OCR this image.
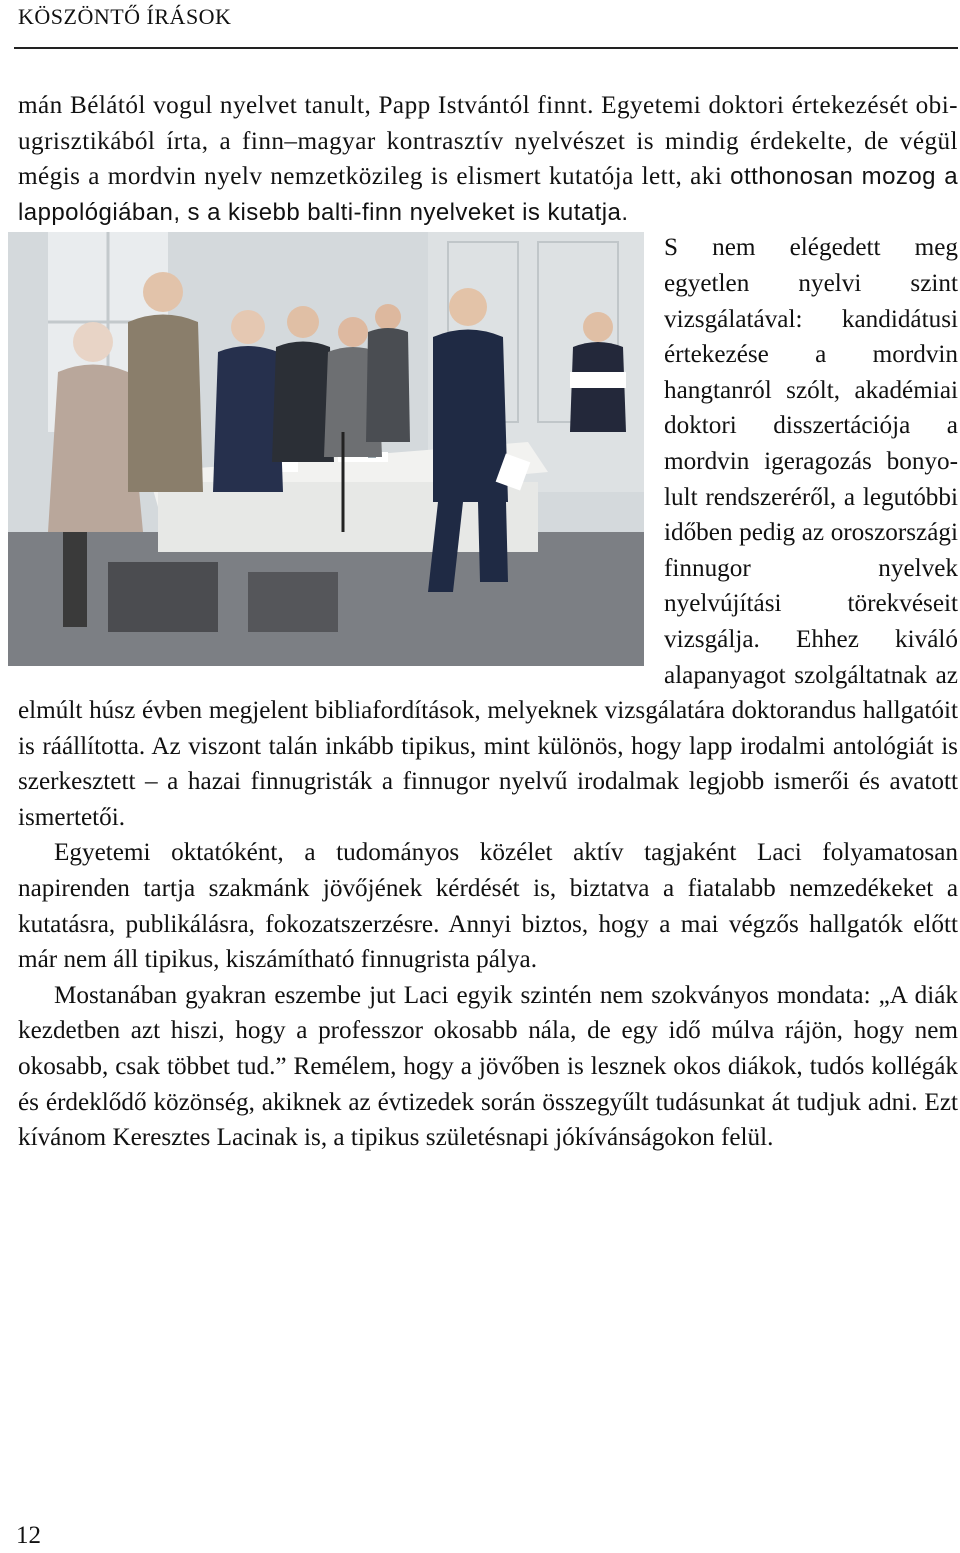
KÖSZÖNTŐ ÍRÁSOK

mán Bélától vogul nyelvet tanult, Papp Istvántól finnt. Egyetemi doktori értekezését obi-ugrisztikából írta, a finn–magyar kontrasztív nyelvészet is mindig érdekelte, de végül mégis a mordvin nyelv nemzetközileg is elismert kutatója lett, aki otthonosan mozog a lappológiában, s a kisebb balti-finn nyelveket is kutatja.

S nem elégedett meg egyetlen nyelvi szint vizsgálatával: kandidátusi értekezése a mordvin hangtanról szólt, akadémiai doktori disszertációja a mordvin igeragozás bonyolult rendszeréről, a legutóbbi időben pedig az oroszországi finnugor nyelvek nyelvújítási törekvéseit vizsgálja. Ehhez kiváló alapanyagot szolgáltatnak az elmúlt húsz évben megjelent bibliafordítások, melyeknek vizsgálatára doktorandus hallgatóit is ráállította. Az viszont talán inkább tipikus, mint különös, hogy lapp irodalmi antológiát is szerkesztett – a hazai finnugristák a finnugor nyelvű irodalmak legjobb ismerői és avatott ismertetői.

Egyetemi oktatóként, a tudományos közélet aktív tagjaként Laci folyamatosan napirenden tartja szakmánk jövőjének kérdését is, biztatva a fiatalabb nemzedékeket a kutatásra, publikálásra, fokozatszerzésre. Annyi biztos, hogy a mai végzős hallgatók előtt már nem áll tipikus, kiszámítható finnugrista pálya.

Mostanában gyakran eszembe jut Laci egyik szintén nem szokványos mondata: „A diák kezdetben azt hiszi, hogy a professzor okosabb nála, de egy idő múlva rájön, hogy nem okosabb, csak többet tud.” Remélem, hogy a jövőben is lesznek okos diákok, tudós kollégák és érdeklődő közönség, akiknek az évtizedek során összegyűlt tudásunkat át tudjuk adni. Ezt kívánom Keresztes Lacinak is, a tipikus születésnapi jókívánságokon felül.

12
